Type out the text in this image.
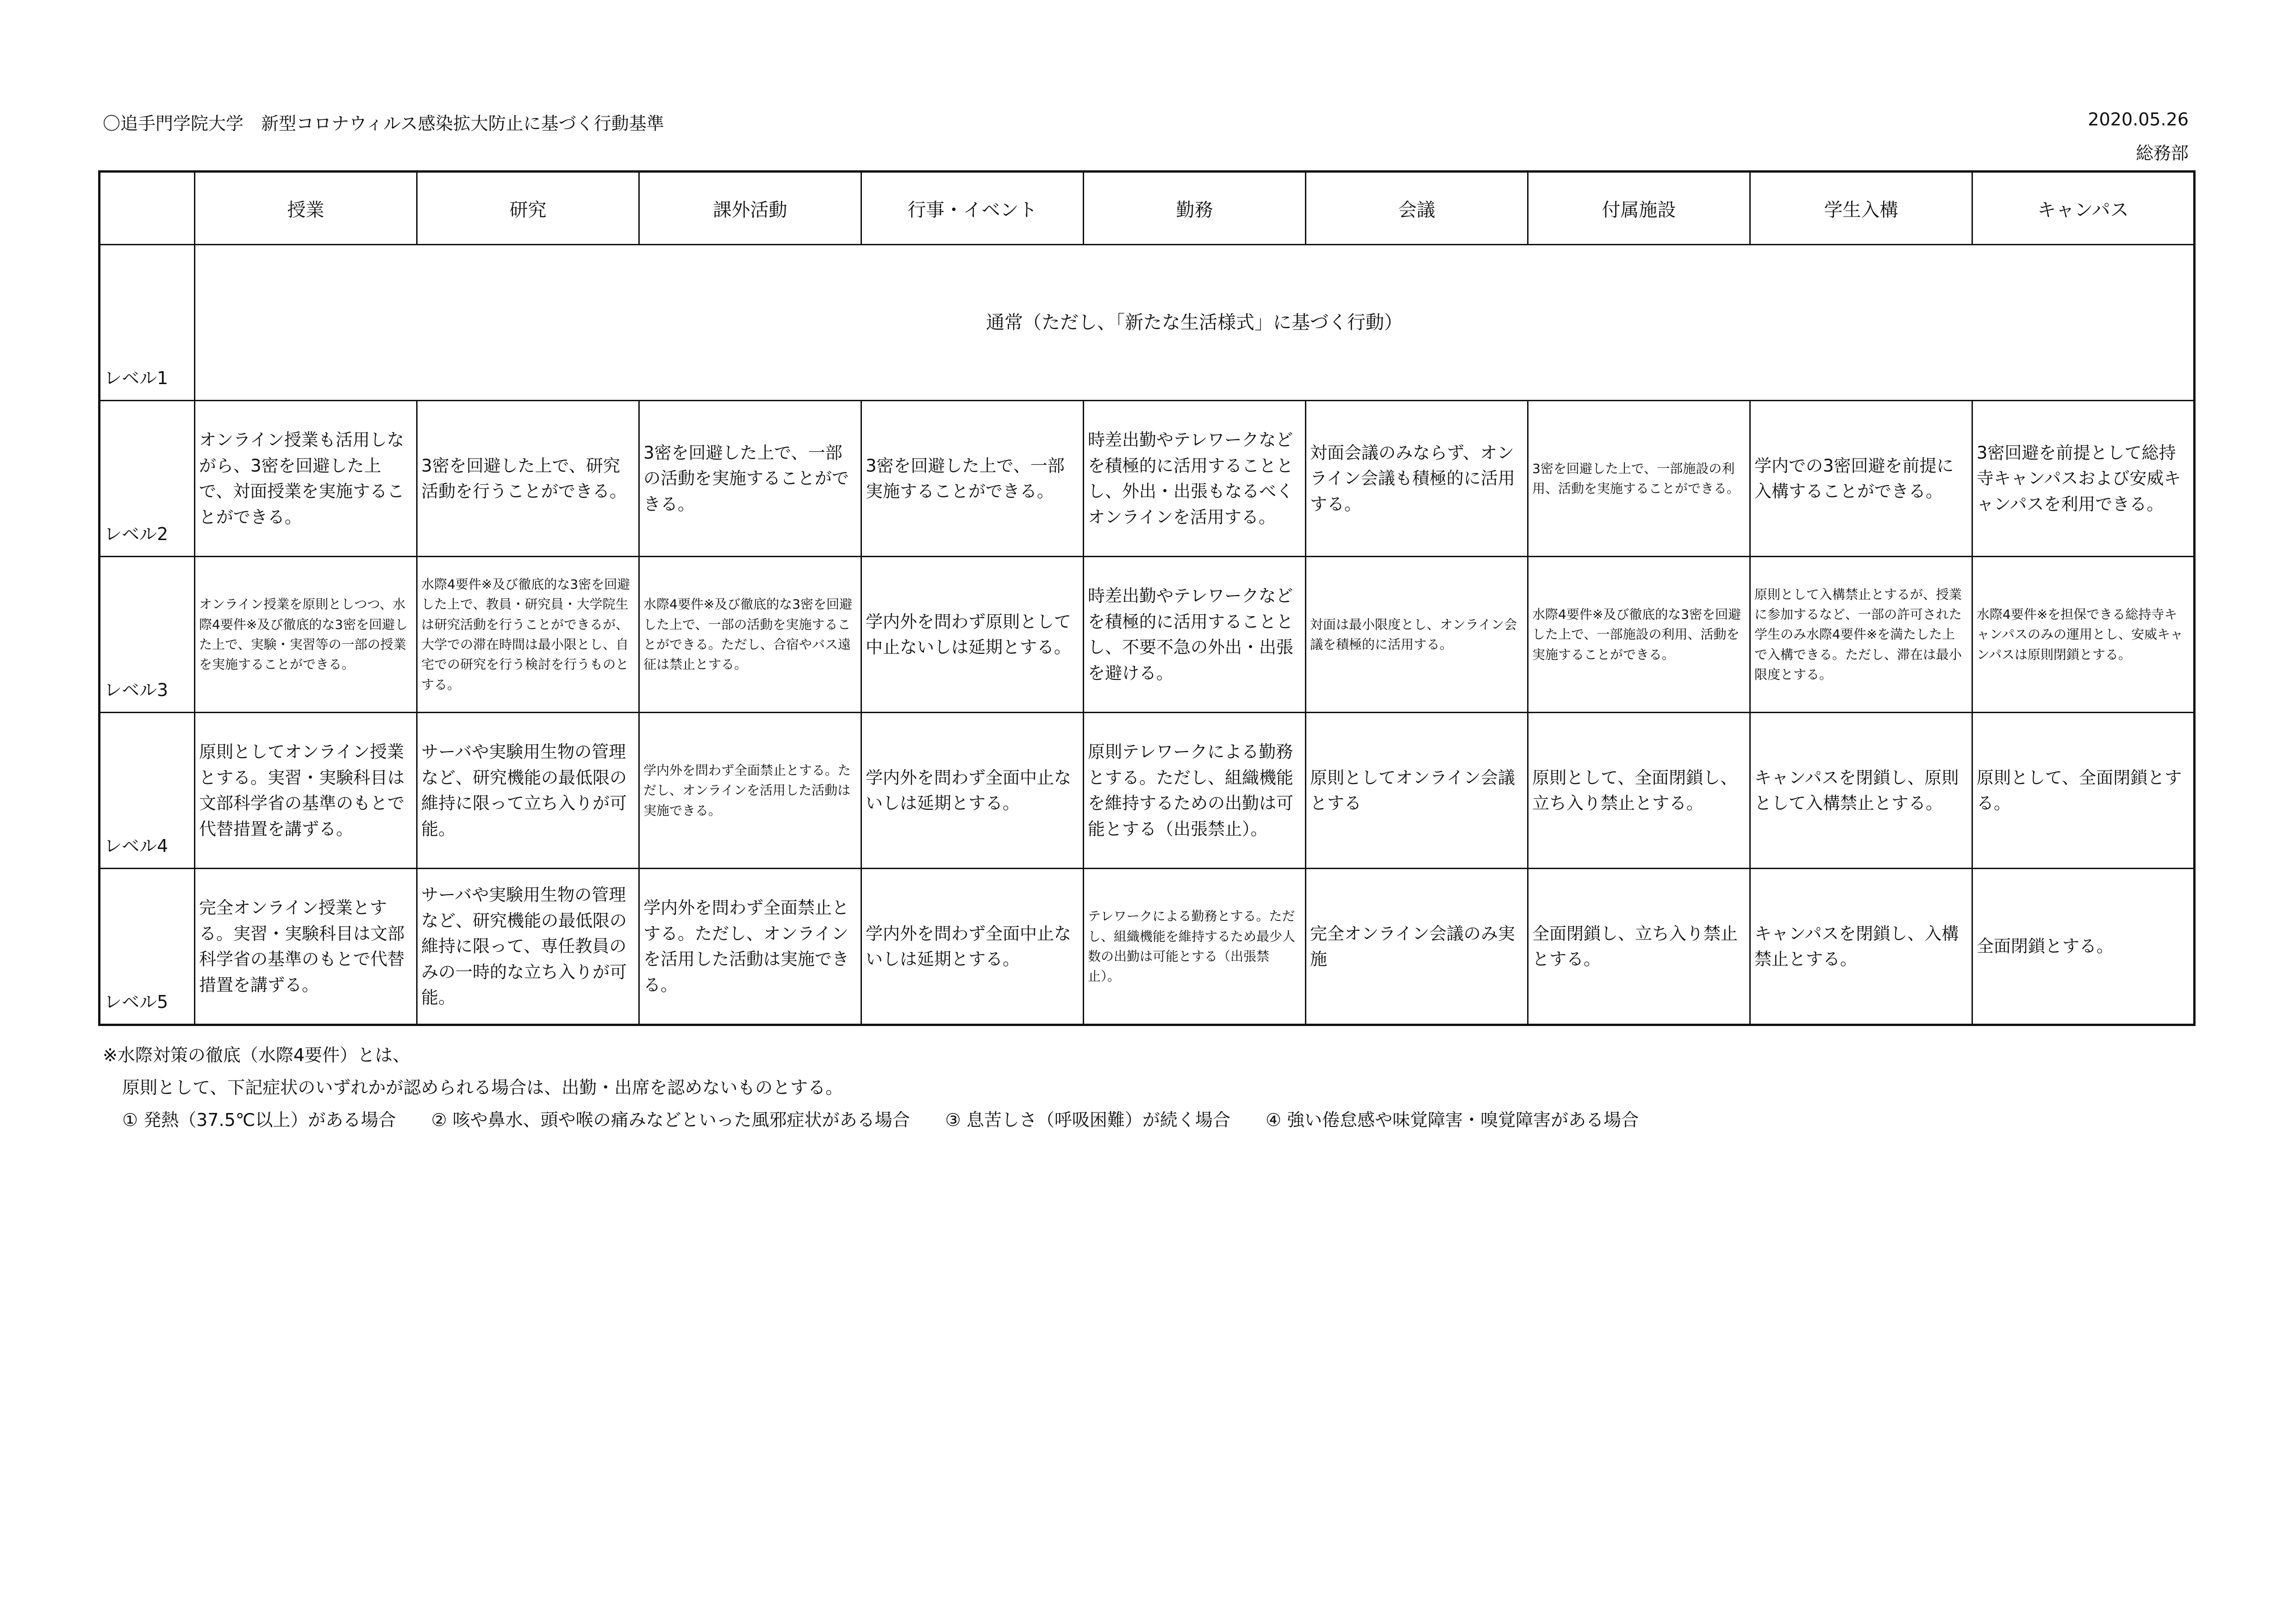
〇追手門学院大学　新型コロナウィルス感染拡大防止に基づく行動基準	2020.05.26
総務部
	授業	研究	課外活動	行事・イベント	勤務	会議	付属施設	学生入構	キャンパス
レベル1	通常（ただし、「新たな生活様式」に基づく行動）								
レベル2	オンライン授業も活用しながら、3密を回避した上で、対面授業を実施することができる。	3密を回避した上で、研究活動を行うことができる。	3密を回避した上で、一部の活動を実施することができる。	3密を回避した上で、一部実施することができる。	時差出勤やテレワークなどを積極的に活用することとし、外出・出張もなるべくオンラインを活用する。	対面会議のみならず、オンライン会議も積極的に活用する。	3密を回避した上で、一部施設の利用、活動を実施することができる。	学内での3密回避を前提に入構することができる。	3密回避を前提として総持寺キャンパスおよび安威キャンパスを利用できる。
レベル3	オンライン授業を原則としつつ、水際4要件※及び徹底的な3密を回避した上で、実験・実習等の一部の授業を実施することができる。	水際4要件※及び徹底的な3密を回避した上で、教員・研究員・大学院生は研究活動を行うことができるが、大学での滞在時間は最小限とし、自宅での研究を行う検討を行うものとする。	水際4要件※及び徹底的な3密を回避した上で、一部の活動を実施することができる。ただし、合宿やバス遠征は禁止とする。	学内外を問わず原則として中止ないしは延期とする。	時差出勤やテレワークなどを積極的に活用することとし、不要不急の外出・出張を避ける。	対面は最小限度とし、オンライン会議を積極的に活用する。	水際4要件※及び徹底的な3密を回避した上で、一部施設の利用、活動を実施することができる。	原則として入構禁止とするが、授業に参加するなど、一部の許可された学生のみ水際4要件※を満たした上で入構できる。ただし、滞在は最小限度とする。	水際4要件※を担保できる総持寺キャンパスのみの運用とし、安威キャンパスは原則閉鎖とする。
レベル4	原則としてオンライン授業とする。実習・実験科目は文部科学省の基準のもとで代替措置を講ずる。	サーバや実験用生物の管理など、研究機能の最低限の維持に限って立ち入りが可能。	学内外を問わず全面禁止とする。ただし、オンラインを活用した活動は実施できる。	学内外を問わず全面中止ないしは延期とする。	原則テレワークによる勤務とする。ただし、組織機能を維持するための出勤は可能とする（出張禁止）。	原則としてオンライン会議とする	原則として、全面閉鎖し、立ち入り禁止とする。	キャンパスを閉鎖し、原則として入構禁止とする。	原則として、全面閉鎖とする。
レベル5	完全オンライン授業とする。実習・実験科目は文部科学省の基準のもとで代替措置を講ずる。	サーバや実験用生物の管理など、研究機能の最低限の維持に限って、専任教員のみの一時的な立ち入りが可能。	学内外を問わず全面禁止とする。ただし、オンラインを活用した活動は実施できる。	学内外を問わず全面中止ないしは延期とする。	テレワークによる勤務とする。ただし、組織機能を維持するため最少人数の出勤は可能とする（出張禁止）。	完全オンライン会議のみ実施	全面閉鎖し、立ち入り禁止とする。	キャンパスを閉鎖し、入構禁止とする。	全面閉鎖とする。
※水際対策の徹底（水際4要件）とは、
原則として、下記症状のいずれかが認められる場合は、出勤・出席を認めないものとする。
① 発熱（37.5℃以上）がある場合 ② 咳や鼻水、頭や喉の痛みなどといった風邪症状がある場合 ③ 息苦しさ（呼吸困難）が続く場合 ④ 強い倦怠感や味覚障害・嗅覚障害がある場合
